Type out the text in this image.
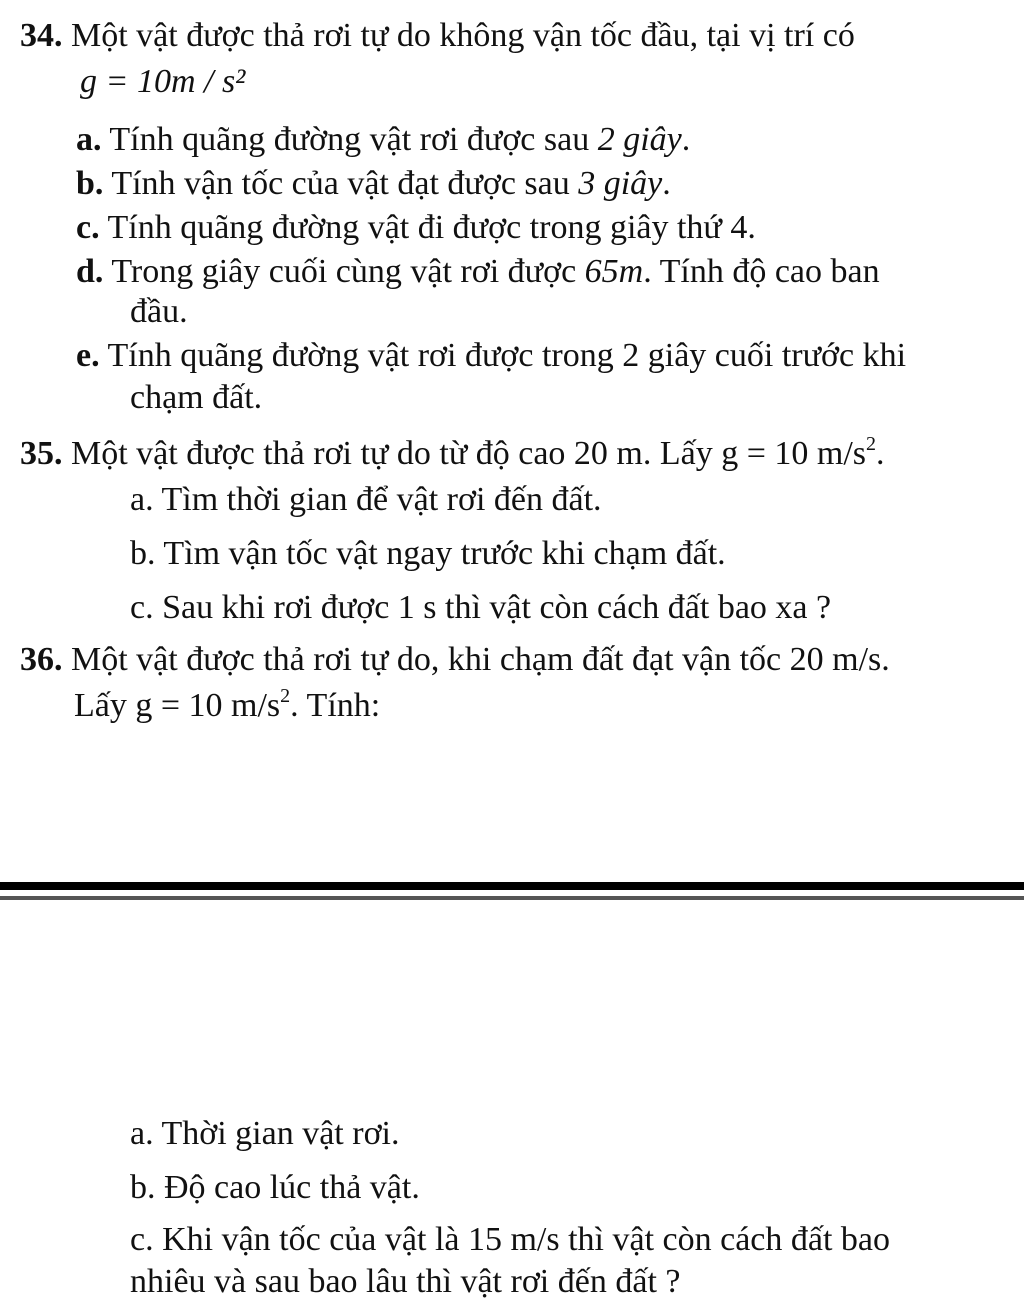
34. Một vật được thả rơi tự do không vận tốc đầu, tại vị trí có
g = 10m / s²
a. Tính quãng đường vật rơi được sau 2 giây.
b. Tính vận tốc của vật đạt được sau 3 giây.
c. Tính quãng đường vật đi được trong giây thứ 4.
d. Trong giây cuối cùng vật rơi được 65m. Tính độ cao ban
đầu.
e. Tính quãng đường vật rơi được trong 2 giây cuối trước khi
chạm đất.
35. Một vật được thả rơi tự do từ độ cao 20 m. Lấy g = 10 $m/s^2$.
a. Tìm thời gian để vật rơi đến đất.
b. Tìm vận tốc vật ngay trước khi chạm đất.
c. Sau khi rơi được 1 s thì vật còn cách đất bao xa ?
36. Một vật được thả rơi tự do, khi chạm đất đạt vận tốc 20 m/s.
Lấy g = 10 $m/s^2$. Tính:
a. Thời gian vật rơi.
b. Độ cao lúc thả vật.
c. Khi vận tốc của vật là 15 m/s thì vật còn cách đất bao
nhiêu và sau bao lâu thì vật rơi đến đất ?
